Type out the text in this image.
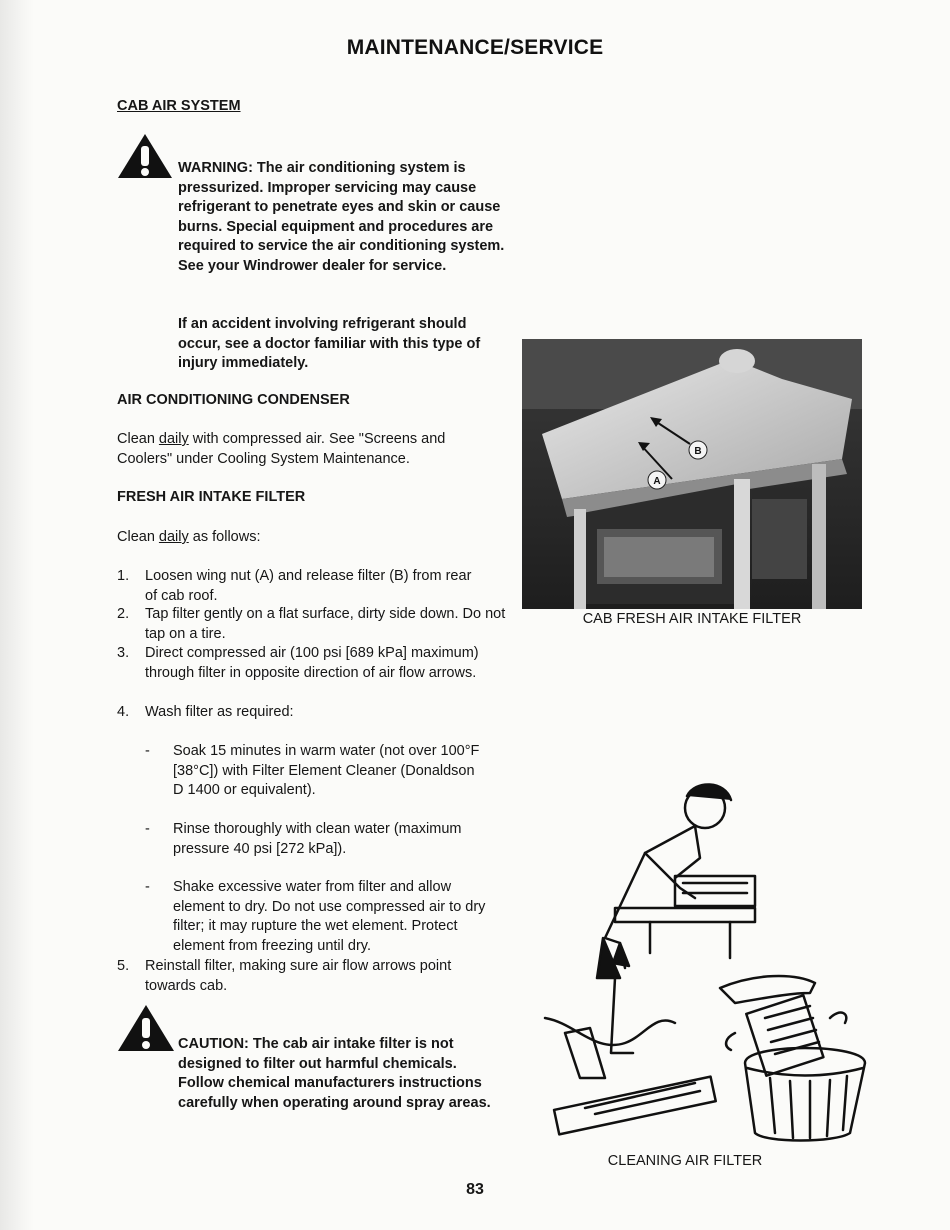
MAINTENANCE/SERVICE
CAB AIR SYSTEM
WARNING: The air conditioning system is pressurized. Improper servicing may cause refrigerant to penetrate eyes and skin or cause burns. Special equipment and procedures are required to service the air conditioning system. See your Windrower dealer for service.
If an accident involving refrigerant should occur, see a doctor familiar with this type of injury immediately.
AIR CONDITIONING CONDENSER
Clean daily with compressed air. See "Screens and Coolers" under Cooling System Maintenance.
FRESH AIR INTAKE FILTER
Clean daily as follows:
1. Loosen wing nut (A) and release filter (B) from rear of cab roof.
2. Tap filter gently on a flat surface, dirty side down. Do not tap on a tire.
3. Direct compressed air (100 psi [689 kPa] maximum) through filter in opposite direction of air flow arrows.
4. Wash filter as required:
- Soak 15 minutes in warm water (not over 100°F [38°C]) with Filter Element Cleaner (Donaldson D 1400 or equivalent).
- Rinse thoroughly with clean water (maximum pressure 40 psi [272 kPa]).
- Shake excessive water from filter and allow element to dry. Do not use compressed air to dry filter; it may rupture the wet element. Protect element from freezing until dry.
5. Reinstall filter, making sure air flow arrows point towards cab.
CAUTION: The cab air intake filter is not designed to filter out harmful chemicals. Follow chemical manufacturers instructions carefully when operating around spray areas.
B
A
CAB FRESH AIR INTAKE FILTER
CLEANING AIR FILTER
83
